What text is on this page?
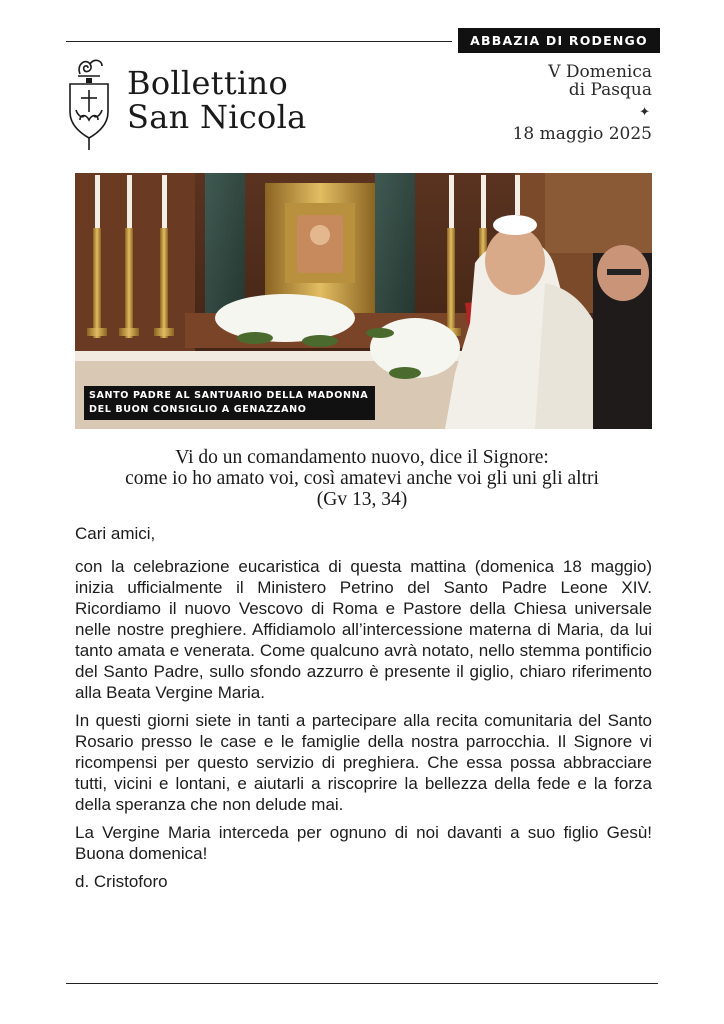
ABBAZIA DI RODENGO
Bollettino
San Nicola
V Domenica
di Pasqua
✦
18 maggio 2025
SANTO PADRE AL SANTUARIO DELLA MADONNA
DEL BUON CONSIGLIO A GENAZZANO
Vi do un comandamento nuovo, dice il Signore:
come io ho amato voi, così amatevi anche voi gli uni gli altri
(Gv 13, 34)

Cari amici,

con la celebrazione eucaristica di questa mattina (domenica 18 maggio) inizia ufficialmente il Ministero Petrino del Santo Padre Leone XIV. Ricordiamo il nuovo Vescovo di Roma e Pastore della Chiesa universale nelle nostre preghiere. Affidiamolo all’intercessione materna di Maria, da lui tanto amata e venerata. Come qualcuno avrà notato, nello stemma pontificio del Santo Padre, sullo sfondo azzurro è presente il giglio, chiaro riferimento alla Beata Vergine Maria.

In questi giorni siete in tanti a partecipare alla recita comunitaria del Santo Rosario presso le case e le famiglie della nostra parrocchia. Il Signore vi ricompensi per questo servizio di preghiera. Che essa possa abbracciare tutti, vicini e lontani, e aiutarli a riscoprire la bellezza della fede e la forza della speranza che non delude mai.

La Vergine Maria interceda per ognuno di noi davanti a suo figlio Gesù! Buona domenica!

d. Cristoforo
